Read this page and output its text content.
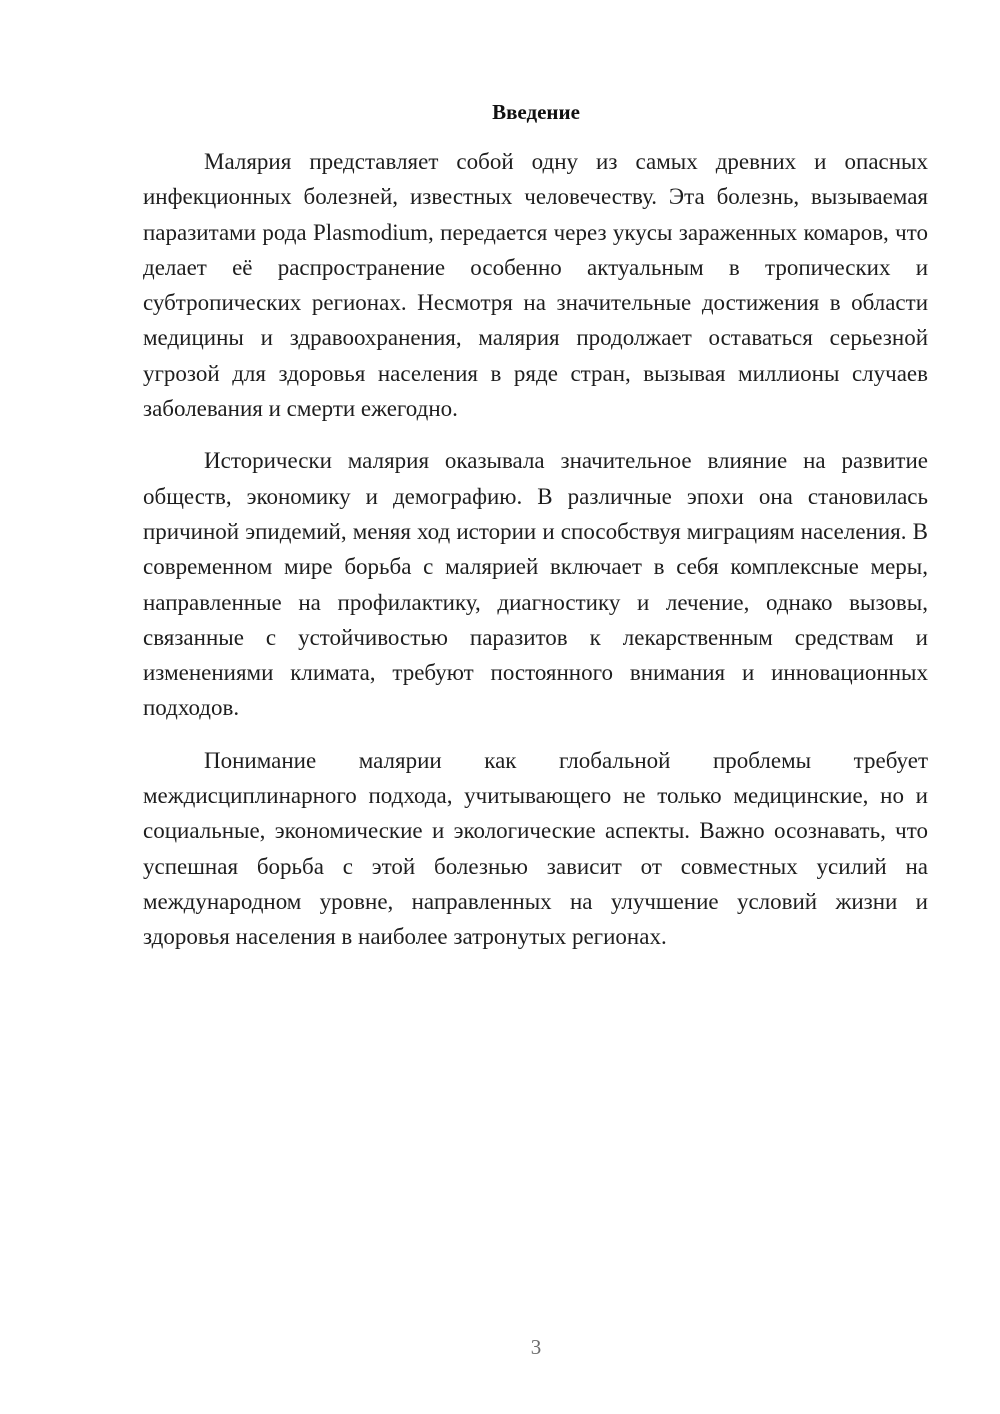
Введение

Малярия представляет собой одну из самых древних и опасных инфекционных болезней, известных человечеству. Эта болезнь, вызываемая паразитами рода Plasmodium, передается через укусы зараженных комаров, что делает её распространение особенно актуальным в тропических и субтропических регионах. Несмотря на значительные достижения в области медицины и здравоохранения, малярия продолжает оставаться серьезной угрозой для здоровья населения в ряде стран, вызывая миллионы случаев заболевания и смерти ежегодно.

Исторически малярия оказывала значительное влияние на развитие обществ, экономику и демографию. В различные эпохи она становилась причиной эпидемий, меняя ход истории и способствуя миграциям населения. В современном мире борьба с малярией включает в себя комплексные меры, направленные на профилактику, диагностику и лечение, однако вызовы, связанные с устойчивостью паразитов к лекарственным средствам и изменениями климата, требуют постоянного внимания и инновационных подходов.

Понимание малярии как глобальной проблемы требует междисциплинарного подхода, учитывающего не только медицинские, но и социальные, экономические и экологические аспекты. Важно осознавать, что успешная борьба с этой болезнью зависит от совместных усилий на международном уровне, направленных на улучшение условий жизни и здоровья населения в наиболее затронутых регионах.

3
